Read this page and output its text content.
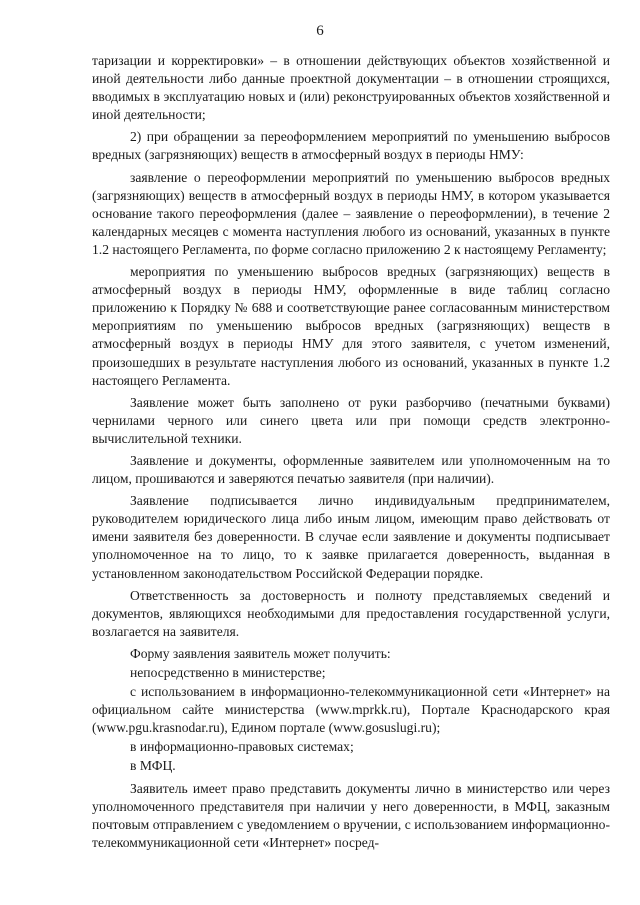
6

таризации и корректировки» – в отношении действующих объектов хозяйственной и иной деятельности либо данные проектной документации – в отношении строящихся, вводимых в эксплуатацию новых и (или) реконструированных объектов хозяйственной и иной деятельности;

2) при обращении за переоформлением мероприятий по уменьшению выбросов вредных (загрязняющих) веществ в атмосферный воздух в периоды НМУ:

заявление о переоформлении мероприятий по уменьшению выбросов вредных (загрязняющих) веществ в атмосферный воздух в периоды НМУ, в котором указывается основание такого переоформления (далее – заявление о переоформлении), в течение 2 календарных месяцев с момента наступления любого из оснований, указанных в пункте 1.2 настоящего Регламента, по форме согласно приложению 2 к настоящему Регламенту;

мероприятия по уменьшению выбросов вредных (загрязняющих) веществ в атмосферный воздух в периоды НМУ, оформленные в виде таблиц согласно приложению к Порядку № 688 и соответствующие ранее согласованным министерством мероприятиям по уменьшению выбросов вредных (загрязняющих) веществ в атмосферный воздух в периоды НМУ для этого заявителя, с учетом изменений, произошедших в результате наступления любого из оснований, указанных в пункте 1.2 настоящего Регламента.

Заявление может быть заполнено от руки разборчиво (печатными буквами) чернилами черного или синего цвета или при помощи средств электронно-вычислительной техники.

Заявление и документы, оформленные заявителем или уполномоченным на то лицом, прошиваются и заверяются печатью заявителя (при наличии).

Заявление подписывается лично индивидуальным предпринимателем, руководителем юридического лица либо иным лицом, имеющим право действовать от имени заявителя без доверенности. В случае если заявление и документы подписывает уполномоченное на то лицо, то к заявке прилагается доверенность, выданная в установленном законодательством Российской Федерации порядке.

Ответственность за достоверность и полноту представляемых сведений и документов, являющихся необходимыми для предоставления государственной услуги, возлагается на заявителя.

Форму заявления заявитель может получить:

непосредственно в министерстве;

с использованием в информационно-телекоммуникационной сети «Интернет» на официальном сайте министерства (www.mprkk.ru), Портале Краснодарского края (www.pgu.krasnodar.ru), Едином портале (www.gosuslugi.ru);

в информационно-правовых системах;

в МФЦ.

Заявитель имеет право представить документы лично в министерство или через уполномоченного представителя при наличии у него доверенности, в МФЦ, заказным почтовым отправлением с уведомлением о вручении, с использованием информационно-телекоммуникационной сети «Интернет» посред-
